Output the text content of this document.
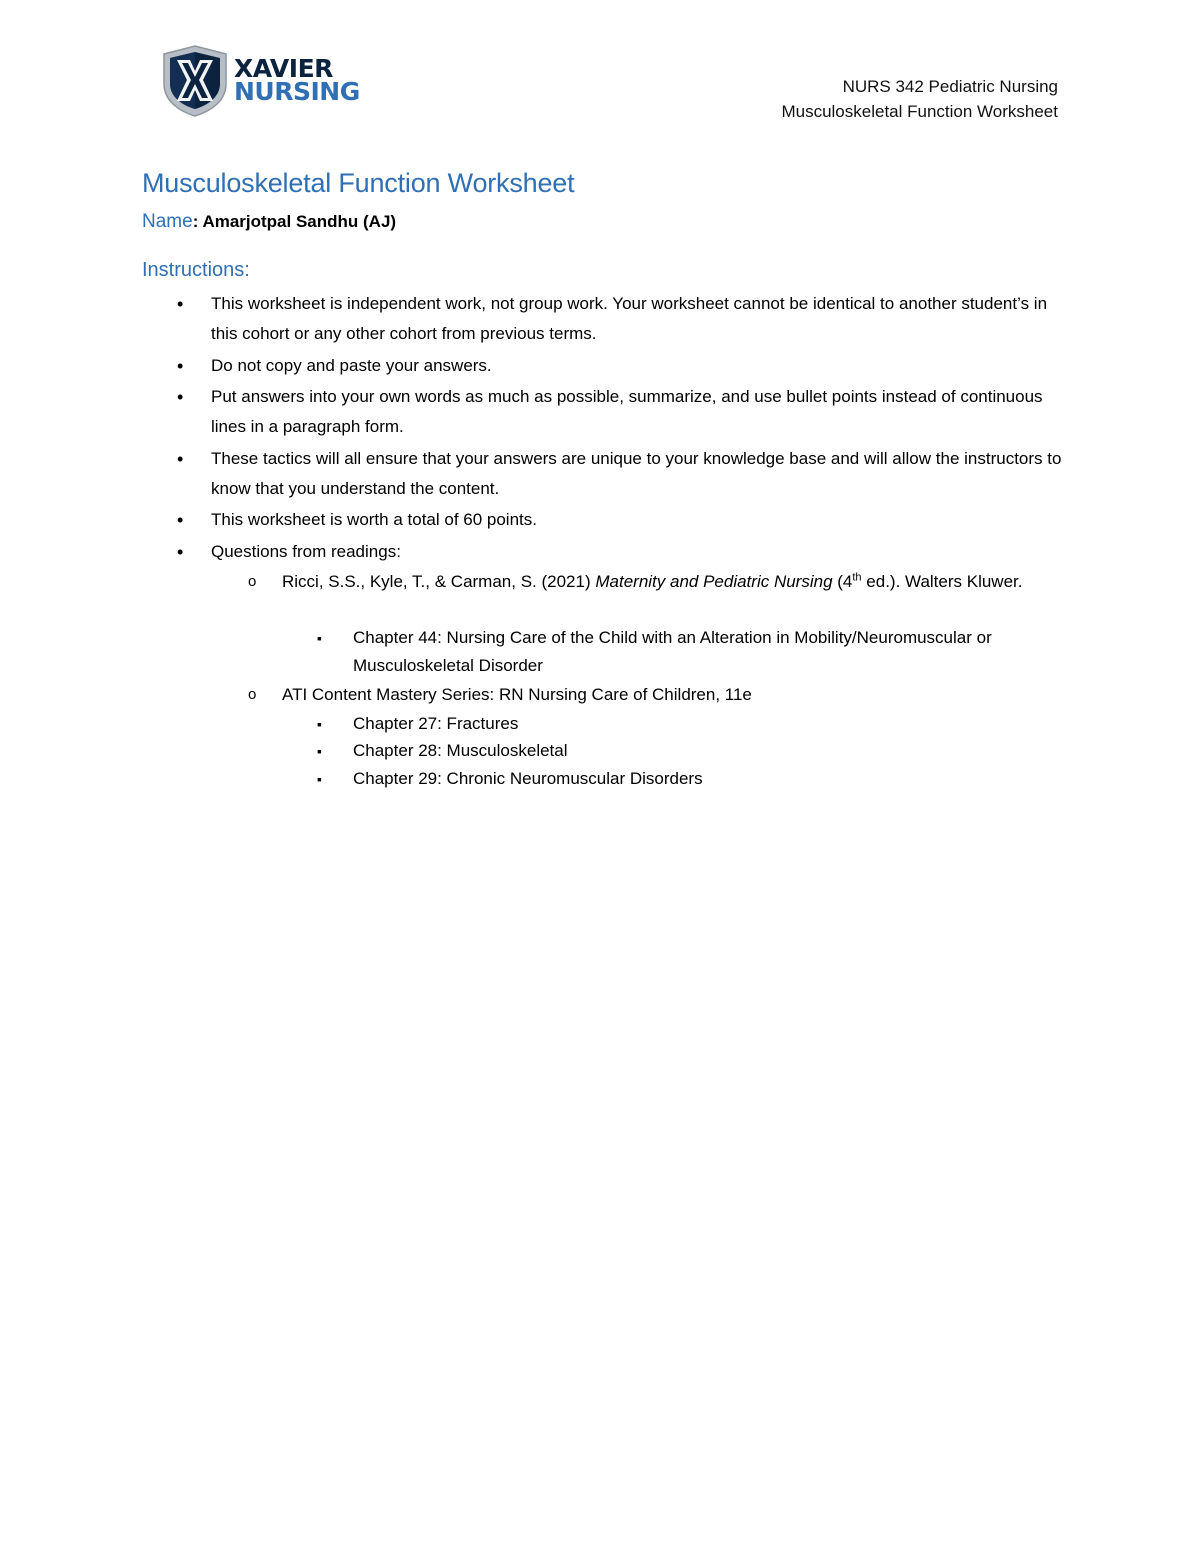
XAVIER
NURSING	NURS 342 Pediatric Nursing
Musculoskeletal Function Worksheet
Musculoskeletal Function Worksheet
Name: Amarjotpal Sandhu (AJ)
Instructions:
• This worksheet is independent work, not group work. Your worksheet cannot be identical to another student’s in this cohort or any other cohort from previous terms.
• Do not copy and paste your answers.
• Put answers into your own words as much as possible, summarize, and use bullet points instead of continuous lines in a paragraph form.
• These tactics will all ensure that your answers are unique to your knowledge base and will allow the instructors to know that you understand the content.
• This worksheet is worth a total of 60 points.
• Questions from readings:
o Ricci, S.S., Kyle, T., & Carman, S. (2021) Maternity and Pediatric Nursing (4th ed.). Walters Kluwer.
▪ Chapter 44: Nursing Care of the Child with an Alteration in Mobility/Neuromuscular or Musculoskeletal Disorder
o ATI Content Mastery Series: RN Nursing Care of Children, 11e
▪ Chapter 27: Fractures
▪ Chapter 28: Musculoskeletal
▪ Chapter 29: Chronic Neuromuscular Disorders
